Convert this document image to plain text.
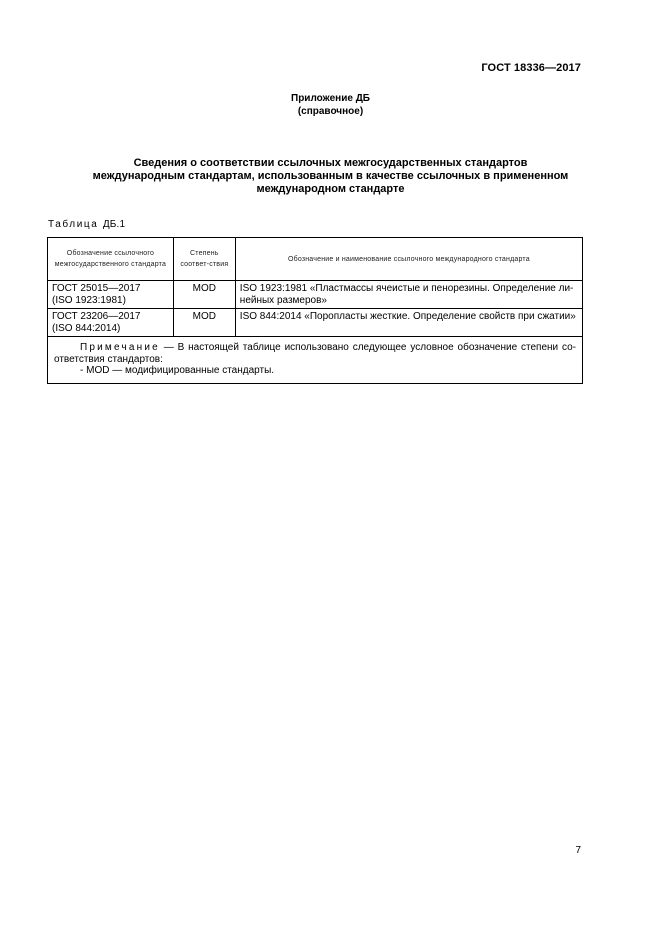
ГОСТ 18336—2017
Приложение ДБ
(справочное)
Сведения о соответствии ссылочных межгосударственных стандартов
международным стандартам, использованным в качестве ссылочных в примененном
международном стандарте
Таблица ДБ.1
Обозначение ссылочного межгосударственного стандарта	Степень соответ-ствия	Обозначение и наименование ссылочного международного стандарта

ГОСТ 25015—2017
(ISO 1923:1981)	MOD	ISO 1923:1981 «Пластмассы ячеистые и пенорезины. Определение ли-нейных размеров»

ГОСТ 23206—2017
(ISO 844:2014)	MOD	ISO 844:2014 «Поропласты жесткие. Определение свойств при сжатии»

Примечание — В настоящей таблице использовано следующее условное обозначение степени со-ответствия стандартов:
- MOD — модифицированные стандарты.		
7
